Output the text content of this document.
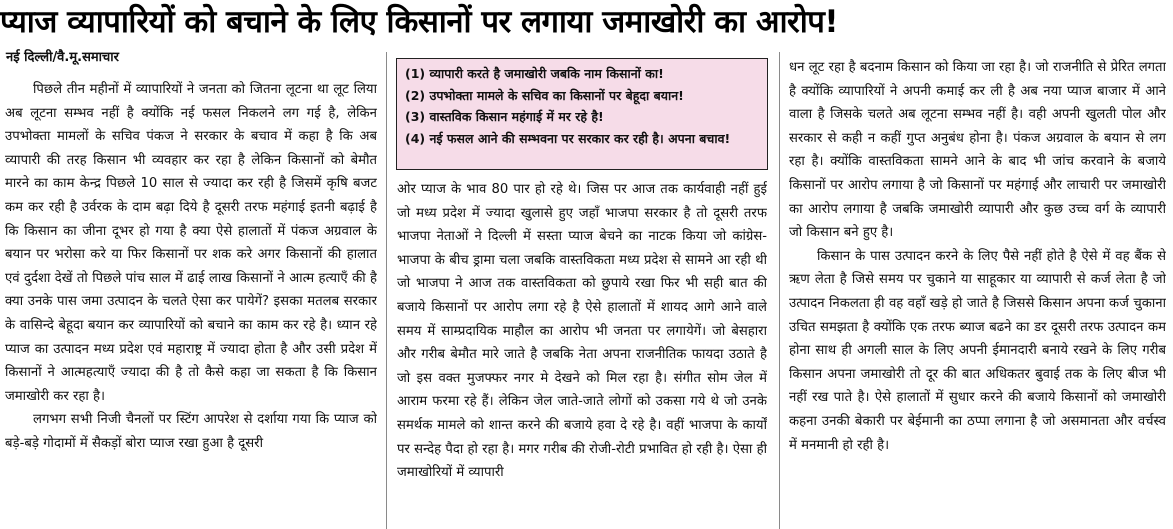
प्याज व्यापारियों को बचाने के लिए किसानों पर लगाया जमाखोरी का आरोप!
नई दिल्ली/वै.मू.समाचार

पिछले तीन महीनों में व्यापारियों ने जनता को जितना लूटना था लूट लिया अब लूटना सम्भव नहीं है क्योंकि नई फसल निकलने लग गई है, लेकिन उपभोक्ता मामलों के सचिव पंकज ने सरकार के बचाव में कहा है कि अब व्यापारी की तरह किसान भी व्यवहार कर रहा है लेकिन किसानों को बेमौत मारने का काम केन्द्र पिछले 10 साल से ज्यादा कर रही है जिसमें कृषि बजट कम कर रही है उर्वरक के दाम बढ़ा दिये है दूसरी तरफ महंगाई इतनी बढ़ाई है कि किसान का जीना दूभर हो गया है क्या ऐसे हालातों में पंकज अग्रवाल के बयान पर भरोसा करे या फिर किसानों पर शक करे अगर किसानों की हालात एवं दुर्दशा देखें तो पिछले पांच साल में ढाई लाख किसानों ने आत्म हत्याएँ की है क्या उनके पास जमा उत्पादन के चलते ऐसा कर पायेगें? इसका मतलब सरकार के वासिन्दे बेहूदा बयान कर व्यापारियों को बचाने का काम कर रहे है। ध्यान रहे प्याज का उत्पादन मध्य प्रदेश एवं महाराष्ट्र में ज्यादा होता है और उसी प्रदेश में किसानों ने आत्महत्याएँ ज्यादा की है तो कैसे कहा जा सकता है कि किसान जमाखोरी कर रहा है।

लगभग सभी निजी चैनलों पर स्टिंग आपरेश से दर्शाया गया कि प्याज को बड़े-बड़े गोदामों में सैकड़ों बोरा प्याज रखा हुआ है दूसरी

(1) व्यापारी करते है जमाखोरी जबकि नाम किसानों का!
(2) उपभोक्ता मामले के सचिव का किसानों पर बेहूदा बयान!
(3) वास्तविक किसान महंगाई में मर रहे है!
(4) नई फसल आने की सम्भवना पर सरकार कर रही है। अपना बचाव!

ओर प्याज के भाव 80 पार हो रहे थे। जिस पर आज तक कार्यवाही नहीं हुई जो मध्य प्रदेश में ज्यादा खुलासे हुए जहाँ भाजपा सरकार है तो दूसरी तरफ भाजपा नेताओं ने दिल्ली में सस्ता प्याज बेचने का नाटक किया जो कांग्रेस-भाजपा के बीच ड्रामा चला जबकि वास्तविकता मध्य प्रदेश से सामने आ रही थी जो भाजपा ने आज तक वास्तविकता को छुपाये रखा फिर भी सही बात की बजाये किसानों पर आरोप लगा रहे है ऐसे हालातों में शायद आगे आने वाले समय में साम्प्रदायिक माहौल का आरोप भी जनता पर लगायेगें। जो बेसहारा और गरीब बेमौत मारे जाते है जबकि नेता अपना राजनीतिक फायदा उठाते है जो इस वक्त मुजफ्फर नगर मे देखने को मिल रहा है। संगीत सोम जेल में आराम फरमा रहे हैं। लेकिन जेल जाते-जाते लोगों को उकसा गये थे जो उनके समर्थक मामले को शान्त करने की बजाये हवा दे रहे है। वहीं भाजपा के कार्यों पर सन्देह पैदा हो रहा है। मगर गरीब की रोजी-रोटी प्रभावित हो रही है। ऐसा ही जमाखोरियों में व्यापारी

धन लूट रहा है बदनाम किसान को किया जा रहा है। जो राजनीति से प्रेरित लगता है क्योंकि व्यापारियों ने अपनी कमाई कर ली है अब नया प्याज बाजार में आने वाला है जिसके चलते अब लूटना सम्भव नहीं है। वही अपनी खुलती पोल और सरकार से कही न कहीं गुप्त अनुबंध होना है। पंकज अग्रवाल के बयान से लग रहा है। क्योंकि वास्तविकता सामने आने के बाद भी जांच करवाने के बजाये किसानों पर आरोप लगाया है जो किसानों पर महंगाई और लाचारी पर जमाखोरी का आरोप लगाया है जबकि जमाखोरी व्यापारी और कुछ उच्च वर्ग के व्यापारी जो किसान बने हुए है।

किसान के पास उत्पादन करने के लिए पैसे नहीं होते है ऐसे में वह बैंक से ऋण लेता है जिसे समय पर चुकाने या साहूकार या व्यापारी से कर्ज लेता है जो उत्पादन निकलता ही वह वहाँ खड़े हो जाते है जिससे किसान अपना कर्ज चुकाना उचित समझता है क्योंकि एक तरफ ब्याज बढने का डर दूसरी तरफ उत्पादन कम होना साथ ही अगली साल के लिए अपनी ईमानदारी बनाये रखने के लिए गरीब किसान अपना जमाखोरी तो दूर की बात अधिकतर बुवाई तक के लिए बीज भी नहीं रख पाते है। ऐसे हालातों में सुधार करने की बजाये किसानों को जमाखोरी कहना उनकी बेकारी पर बेईमानी का ठप्पा लगाना है जो असमानता और वर्चस्व में मनमानी हो रही है।
